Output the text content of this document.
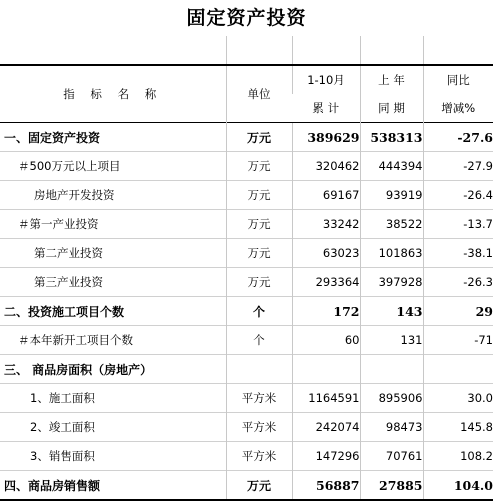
固定资产投资

指 标 名 称	单位	1-10月	上 年	同比
		累 计	同 期	增减%
一、固定资产投资	万元	389629	538313	-27.6
＃500万元以上项目	万元	320462	444394	-27.9
房地产开发投资	万元	69167	93919	-26.4
＃第一产业投资	万元	33242	38522	-13.7
第二产业投资	万元	63023	101863	-38.1
第三产业投资	万元	293364	397928	-26.3
二、投资施工项目个数	个	172	143	29
＃本年新开工项目个数	个	60	131	-71
三、 商品房面积（房地产）				
1、施工面积	平方米	1164591	895906	30.0
2、竣工面积	平方米	242074	98473	145.8
3、销售面积	平方米	147296	70761	108.2
四、商品房销售额	万元	56887	27885	104.0
